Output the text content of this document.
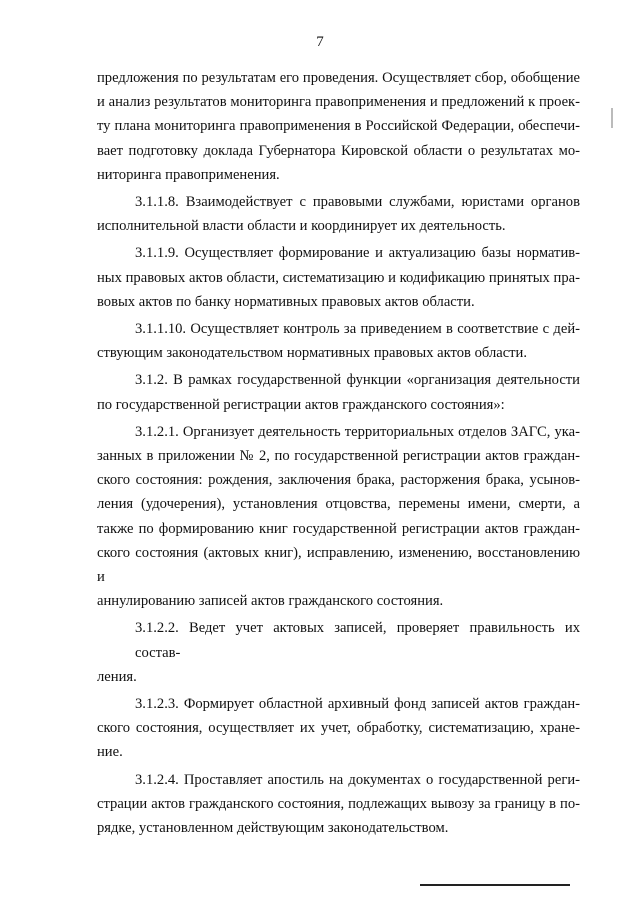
7
предложения по результатам его проведения. Осуществляет сбор, обобщение
и анализ результатов мониторинга правоприменения и предложений к проек-
ту плана мониторинга правоприменения в Российской Федерации, обеспечи-
вает подготовку доклада Губернатора Кировской области о результатах мо-
ниторинга правоприменения.
3.1.1.8. Взаимодействует с правовыми службами, юристами органов
исполнительной власти области и координирует их деятельность.
3.1.1.9. Осуществляет формирование и актуализацию базы норматив-
ных правовых актов области, систематизацию и кодификацию принятых пра-
вовых актов по банку нормативных правовых актов области.
3.1.1.10. Осуществляет контроль за приведением в соответствие с дей-
ствующим законодательством нормативных правовых актов области.
3.1.2. В рамках государственной функции «организация деятельности
по государственной регистрации актов гражданского состояния»:
3.1.2.1. Организует деятельность территориальных отделов ЗАГС, ука-
занных в приложении № 2, по государственной регистрации актов граждан-
ского состояния: рождения, заключения брака, расторжения брака, усынов-
ления (удочерения), установления отцовства, перемены имени, смерти, а
также по формированию книг государственной регистрации актов граждан-
ского состояния (актовых книг), исправлению, изменению, восстановлению и
аннулированию записей актов гражданского состояния.
3.1.2.2. Ведет учет актовых записей, проверяет правильность их состав-
ления.
3.1.2.3. Формирует областной архивный фонд записей актов граждан-
ского состояния, осуществляет их учет, обработку, систематизацию, хране-
ние.
3.1.2.4. Проставляет апостиль на документах о государственной реги-
страции актов гражданского состояния, подлежащих вывозу за границу в по-
рядке, установленном действующим законодательством.
